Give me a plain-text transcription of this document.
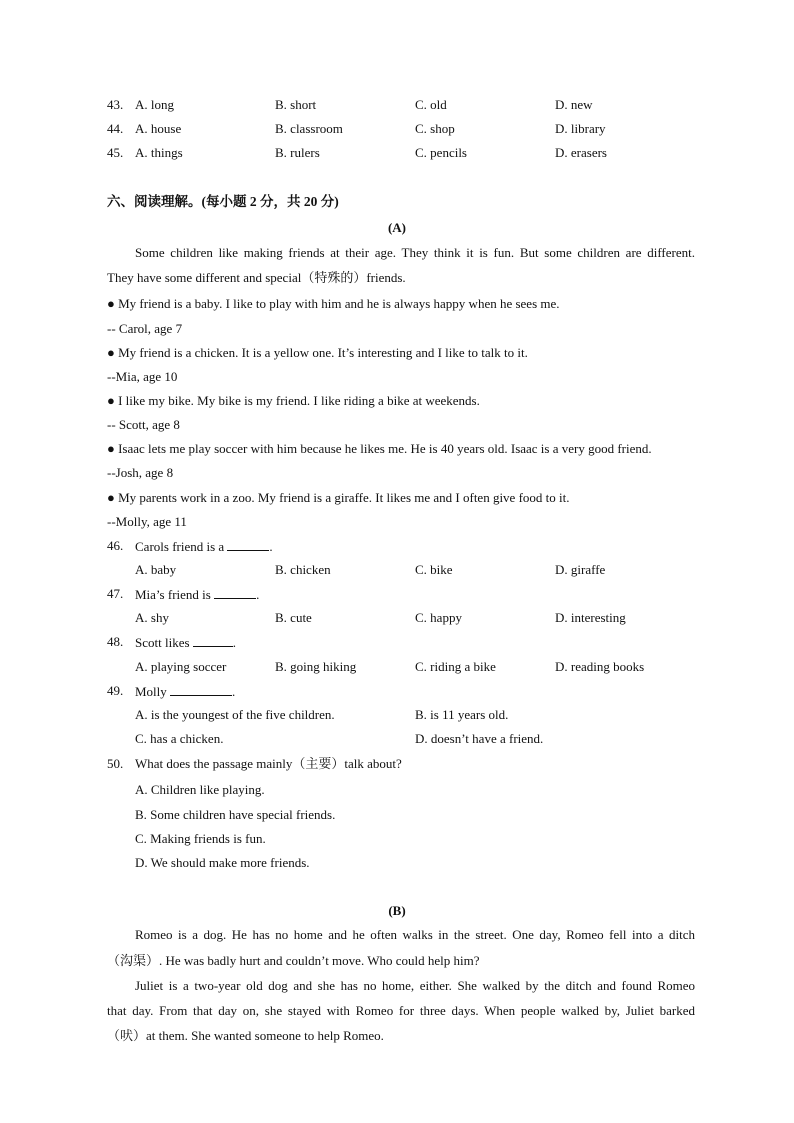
43. A. long	B. short	C. old	D. new
44. A. house	B. classroom	C. shop	D. library
45. A. things	B. rulers	C. pencils	D. erasers
六、阅读理解。(每小题 2 分，共 20 分)
(A)
Some children like making friends at their age. They think it is fun. But some children are different.
They have some different and special（特殊的）friends.
● My friend is a baby. I like to play with him and he is always happy when he sees me.
-- Carol, age 7
● My friend is a chicken. It is a yellow one. It’s interesting and I like to talk to it.
--Mia, age 10
● I like my bike. My bike is my friend. I like riding a bike at weekends.
-- Scott, age 8
● Isaac lets me play soccer with him because he likes me. He is 40 years old. Isaac is a very good friend.
--Josh, age 8
● My parents work in a zoo. My friend is a giraffe. It likes me and I often give food to it.
--Molly, age 11
46. Carols friend is a	.
A. baby	B. chicken	C. bike	D. giraffe
47. Mia’s friend is	.
A. shy	B. cute	C. happy	D. interesting
48. Scott likes	.
A. playing soccer	B. going hiking	C. riding a bike	D. reading books
49. Molly	.
A. is the youngest of the five children.	B. is 11 years old.
C. has a chicken.	D. doesn’t have a friend.
50. What does the passage mainly（主要）talk about?
A. Children like playing.
B. Some children have special friends.
C. Making friends is fun.
D. We should make more friends.
(B)
Romeo is a dog. He has no home and he often walks in the street. One day, Romeo fell into a ditch
（沟渠）. He was badly hurt and couldn’t move. Who could help him?
Juliet is a two-year old dog and she has no home, either. She walked by the ditch and found Romeo
that day. From that day on, she stayed with Romeo for three days. When people walked by, Juliet barked
（吠）at them. She wanted someone to help Romeo.
